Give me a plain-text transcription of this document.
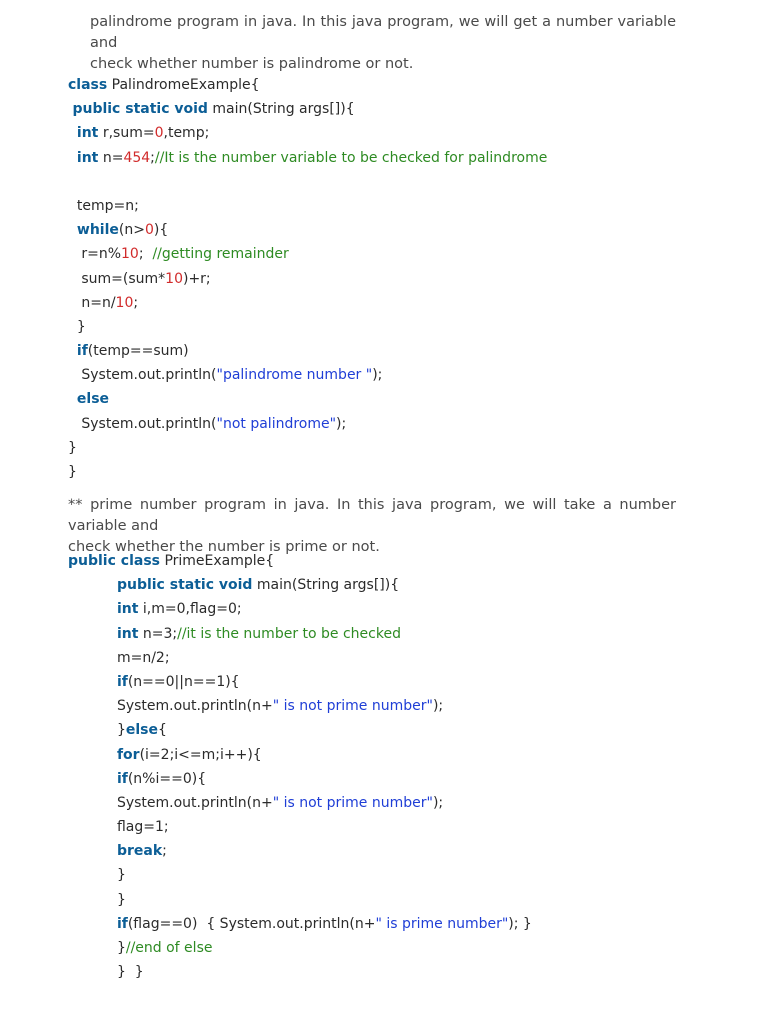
palindrome program in java. In this java program, we will get a number variable and
check whether number is palindrome or not.
class PalindromeExample{
public static void main(String args[]){
int r,sum=0,temp;
int n=454;//It is the number variable to be checked for palindrome
temp=n;
while(n>0){
r=n%10;  //getting remainder
sum=(sum*10)+r;
n=n/10;
}
if(temp==sum)
System.out.println("palindrome number ");
else
System.out.println("not palindrome");
}
}
** prime number program in java. In this java program, we will take a number variable and
check whether the number is prime or not.
public class PrimeExample{
public static void main(String args[]){
int i,m=0,flag=0;
int n=3;//it is the number to be checked
m=n/2;
if(n==0||n==1){
System.out.println(n+" is not prime number");
}else{
for(i=2;i<=m;i++){
if(n%i==0){
System.out.println(n+" is not prime number");
flag=1;
break;
}
}
if(flag==0)  { System.out.println(n+" is prime number"); }
}//end of else
}  }
